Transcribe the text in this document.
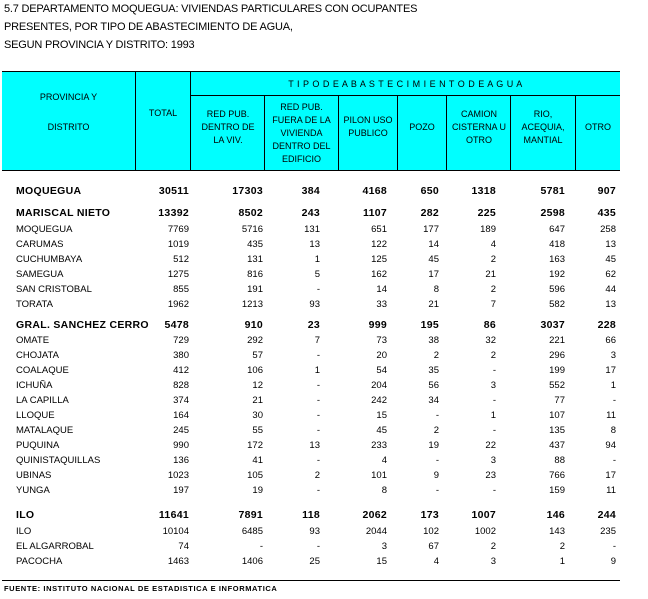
5.7 DEPARTAMENTO MOQUEGUA: VIVIENDAS PARTICULARES CON OCUPANTES
PRESENTES, POR TIPO DE ABASTECIMIENTO DE AGUA,
SEGUN PROVINCIA Y DISTRITO: 1993
PROVINCIA Y
DISTRITO
TOTAL
T I P O D E A B A S T E C I M I E N T O D E A G U A
RED PUB. DENTRO DE LA VIV.
RED PUB. FUERA DE LA VIVIENDA DENTRO DEL EDIFICIO
PILON USO PUBLICO
POZO
CAMION CISTERNA U OTRO
RIO, ACEQUIA, MANTIAL
OTRO
MOQUEGUA	30511	17303	384	4168	650	1318	5781	907
MARISCAL NIETO	13392	8502	243	1107	282	225	2598	435
MOQUEGUA	7769	5716	131	651	177	189	647	258
CARUMAS	1019	435	13	122	14	4	418	13
CUCHUMBAYA	512	131	1	125	45	2	163	45
SAMEGUA	1275	816	5	162	17	21	192	62
SAN CRISTOBAL	855	191	-	14	8	2	596	44
TORATA	1962	1213	93	33	21	7	582	13
GRAL. SANCHEZ CERRO 5478	910	23	999	195	86	3037	228
OMATE	729	292	7	73	38	32	221	66
CHOJATA	380	57	-	20	2	2	296	3
COALAQUE	412	106	1	54	35	-	199	17
ICHUÑA	828	12	-	204	56	3	552	1
LA CAPILLA	374	21	-	242	34	-	77	-
LLOQUE	164	30	-	15	-	1	107	11
MATALAQUE	245	55	-	45	2	-	135	8
PUQUINA	990	172	13	233	19	22	437	94
QUINISTAQUILLAS	136	41	-	4	-	3	88	-
UBINAS	1023	105	2	101	9	23	766	17
YUNGA	197	19	-	8	-	-	159	11
ILO	11641	7891	118	2062	173	1007	146	244
ILO	10104	6485	93	2044	102	1002	143	235
EL ALGARROBAL	74	-	-	3	67	2	2	-
PACOCHA	1463	1406	25	15	4	3	1	9
FUENTE: INSTITUTO NACIONAL DE ESTADISTICA E INFORMATICA
